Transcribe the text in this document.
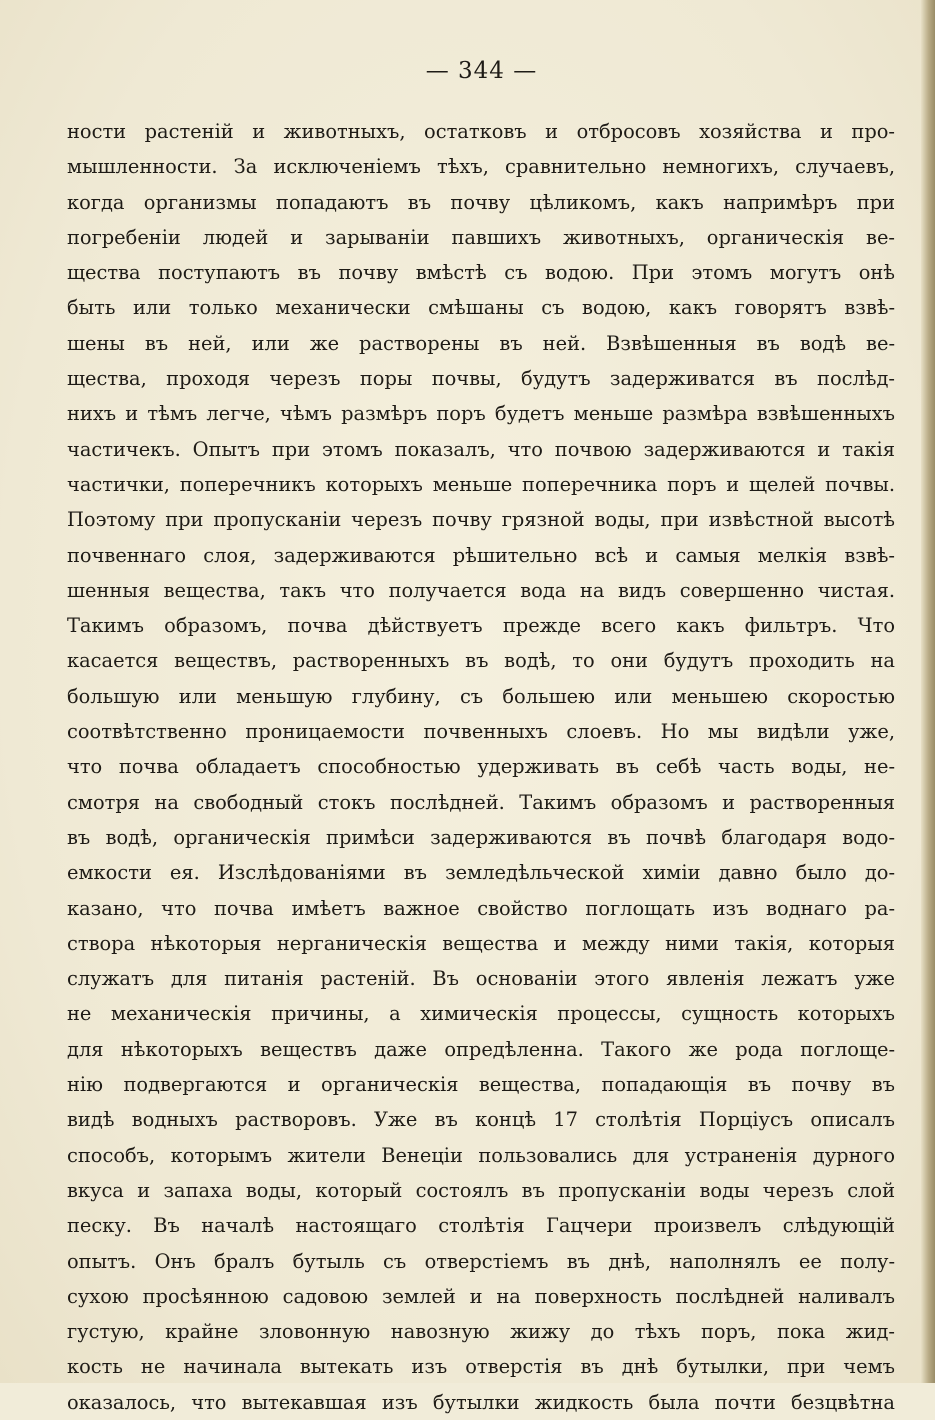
— 344 —
ности растеній и животныхъ, остатковъ и отбросовъ хозяйства и про-
мышленности. За исключеніемъ тѣхъ, сравнительно немногихъ, случаевъ,
когда организмы попадаютъ въ почву цѣликомъ, какъ напримѣръ при
погребеніи людей и зарываніи павшихъ животныхъ, органическія ве-
щества поступаютъ въ почву вмѣстѣ съ водою. При этомъ могутъ онѣ
быть или только механически смѣшаны съ водою, какъ говорятъ взвѣ-
шены въ ней, или же растворены въ ней. Взвѣшенныя въ водѣ ве-
щества, проходя черезъ поры почвы, будутъ задерживатся въ послѣд-
нихъ и тѣмъ легче, чѣмъ размѣръ поръ будетъ меньше размѣра взвѣшенныхъ
частичекъ. Опытъ при этомъ показалъ, что почвою задерживаются и такія
частички, поперечникъ которыхъ меньше поперечника поръ и щелей почвы.
Поэтому при пропусканіи черезъ почву грязной воды, при извѣстной высотѣ
почвеннаго слоя, задерживаются рѣшительно всѣ и самыя мелкія взвѣ-
шенныя вещества, такъ что получается вода на видъ совершенно чистая.
Такимъ образомъ, почва дѣйствуетъ прежде всего какъ фильтръ. Что
касается веществъ, растворенныхъ въ водѣ, то они будутъ проходить на
большую или меньшую глубину, съ большею или меньшею скоростью
соотвѣтственно проницаемости почвенныхъ слоевъ. Но мы видѣли уже,
что почва обладаетъ способностью удерживать въ себѣ часть воды, не-
смотря на свободный стокъ послѣдней. Такимъ образомъ и растворенныя
въ водѣ, органическія примѣси задерживаются въ почвѣ благодаря водо-
емкости ея. Изслѣдованіями въ земледѣльческой химіи давно было до-
казано, что почва имѣетъ важное свойство поглощать изъ воднаго ра-
створа нѣкоторыя нерганическія вещества и между ними такія, которыя
служатъ для питанія растеній. Въ основаніи этого явленія лежатъ уже
не механическія причины, а химическія процессы, сущность которыхъ
для нѣкоторыхъ веществъ даже опредѣленна. Такого же рода поглоще-
нію подвергаются и органическія вещества, попадающія въ почву въ
видѣ водныхъ растворовъ. Уже въ концѣ 17 столѣтія Порціусъ описалъ
способъ, которымъ жители Венеціи пользовались для устраненія дурного
вкуса и запаха воды, который состоялъ въ пропусканіи воды черезъ слой
песку. Въ началѣ настоящаго столѣтія Гацчери произвелъ слѣдующій
опытъ. Онъ бралъ бутыль съ отверстіемъ въ днѣ, наполнялъ ее полу-
сухою просѣянною садовою землей и на поверхность послѣдней наливалъ
густую, крайне зловонную навозную жижу до тѣхъ поръ, пока жид-
кость не начинала вытекать изъ отверстія въ днѣ бутылки, при чемъ
оказалось, что вытекавшая изъ бутылки жидкость была почти безцвѣтна
